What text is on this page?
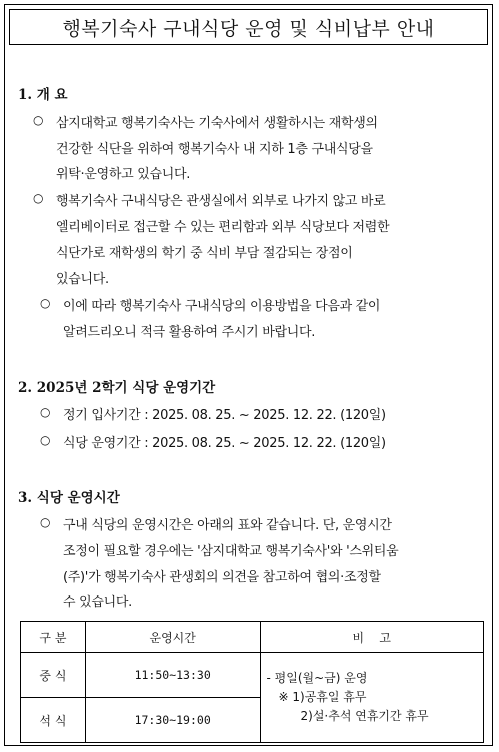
행복기숙사 구내식당 운영 및 식비납부 안내
1. 개 요
○ 삼지대학교 행복기숙사는 기숙사에서 생활하시는 재학생의
건강한 식단을 위하여 행복기숙사 내 지하 1층 구내식당을
위탁·운영하고 있습니다.
○ 행복기숙사 구내식당은 관생실에서 외부로 나가지 않고 바로
엘리베이터로 접근할 수 있는 편리함과 외부 식당보다 저렴한
식단가로 재학생의 학기 중 식비 부담 절감되는 장점이
있습니다.
○ 이에 따라 행복기숙사 구내식당의 이용방법을 다음과 같이
알려드리오니 적극 활용하여 주시기 바랍니다.
2. 2025년 2학기 식당 운영기간
○ 정기 입사기간 : 2025. 08. 25. ~ 2025. 12. 22. (120일)
○ 식당 운영기간 : 2025. 08. 25. ~ 2025. 12. 22. (120일)
3. 식당 운영시간
○ 구내 식당의 운영시간은 아래의 표와 같습니다. 단, 운영시간
조정이 필요할 경우에는 '삼지대학교 행복기숙사'와 '스위티움
(주)'가 행복기숙사 관생회의 의견을 참고하여 협의·조정할
수 있습니다.
구 분	운영시간	비    고
중 식	11:50~13:30	- 평일(월~금) 운영
※ 1)공휴일 휴무
2)설·추석 연휴기간 휴무

석 식	17:30~19:00	
